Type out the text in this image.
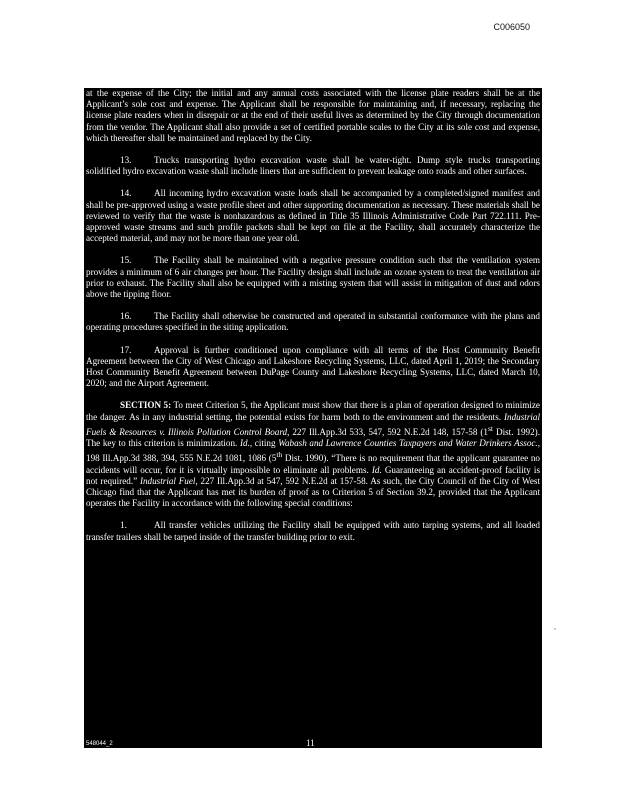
C006050

at the expense of the City; the initial and any annual costs associated with the license plate readers shall be at the Applicant’s sole cost and expense. The Applicant shall be responsible for maintaining and, if necessary, replacing the license plate readers when in disrepair or at the end of their useful lives as determined by the City through documentation from the vendor. The Applicant shall also provide a set of certified portable scales to the City at its sole cost and expense, which thereafter shall be maintained and replaced by the City.

13. Trucks transporting hydro excavation waste shall be water-tight. Dump style trucks transporting solidified hydro excavation waste shall include liners that are sufficient to prevent leakage onto roads and other surfaces.

14. All incoming hydro excavation waste loads shall be accompanied by a completed/signed manifest and shall be pre-approved using a waste profile sheet and other supporting documentation as necessary. These materials shall be reviewed to verify that the waste is nonhazardous as defined in Title 35 Illinois Administrative Code Part 722.111. Pre-approved waste streams and such profile packets shall be kept on file at the Facility, shall accurately characterize the accepted material, and may not be more than one year old.

15. The Facility shall be maintained with a negative pressure condition such that the ventilation system provides a minimum of 6 air changes per hour. The Facility design shall include an ozone system to treat the ventilation air prior to exhaust. The Facility shall also be equipped with a misting system that will assist in mitigation of dust and odors above the tipping floor.

16. The Facility shall otherwise be constructed and operated in substantial conformance with the plans and operating procedures specified in the siting application.

17. Approval is further conditioned upon compliance with all terms of the Host Community Benefit Agreement between the City of West Chicago and Lakeshore Recycling Systems, LLC, dated April 1, 2019; the Secondary Host Community Benefit Agreement between DuPage County and Lakeshore Recycling Systems, LLC, dated March 10, 2020; and the Airport Agreement.

SECTION 5: To meet Criterion 5, the Applicant must show that there is a plan of operation designed to minimize the danger. As in any industrial setting, the potential exists for harm both to the environment and the residents. Industrial Fuels & Resources v. Illinois Pollution Control Board, 227 Ill.App.3d 533, 547, 592 N.E.2d 148, 157-58 (1st Dist. 1992). The key to this criterion is minimization. Id., citing Wabash and Lawrence Counties Taxpayers and Water Drinkers Assoc., 198 Ill.App.3d 388, 394, 555 N.E.2d 1081, 1086 (5th Dist. 1990). “There is no requirement that the applicant guarantee no accidents will occur, for it is virtually impossible to eliminate all problems. Id. Guaranteeing an accident-proof facility is not required.” Industrial Fuel, 227 Ill.App.3d at 547, 592 N.E.2d at 157-58. As such, the City Council of the City of West Chicago find that the Applicant has met its burden of proof as to Criterion 5 of Section 39.2, provided that the Applicant operates the Facility in accordance with the following special conditions:

1.	All transfer vehicles utilizing the Facility shall be equipped with auto tarping systems, and all loaded transfer trailers shall be tarped inside of the transfer building prior to exit.

548044_2	11
